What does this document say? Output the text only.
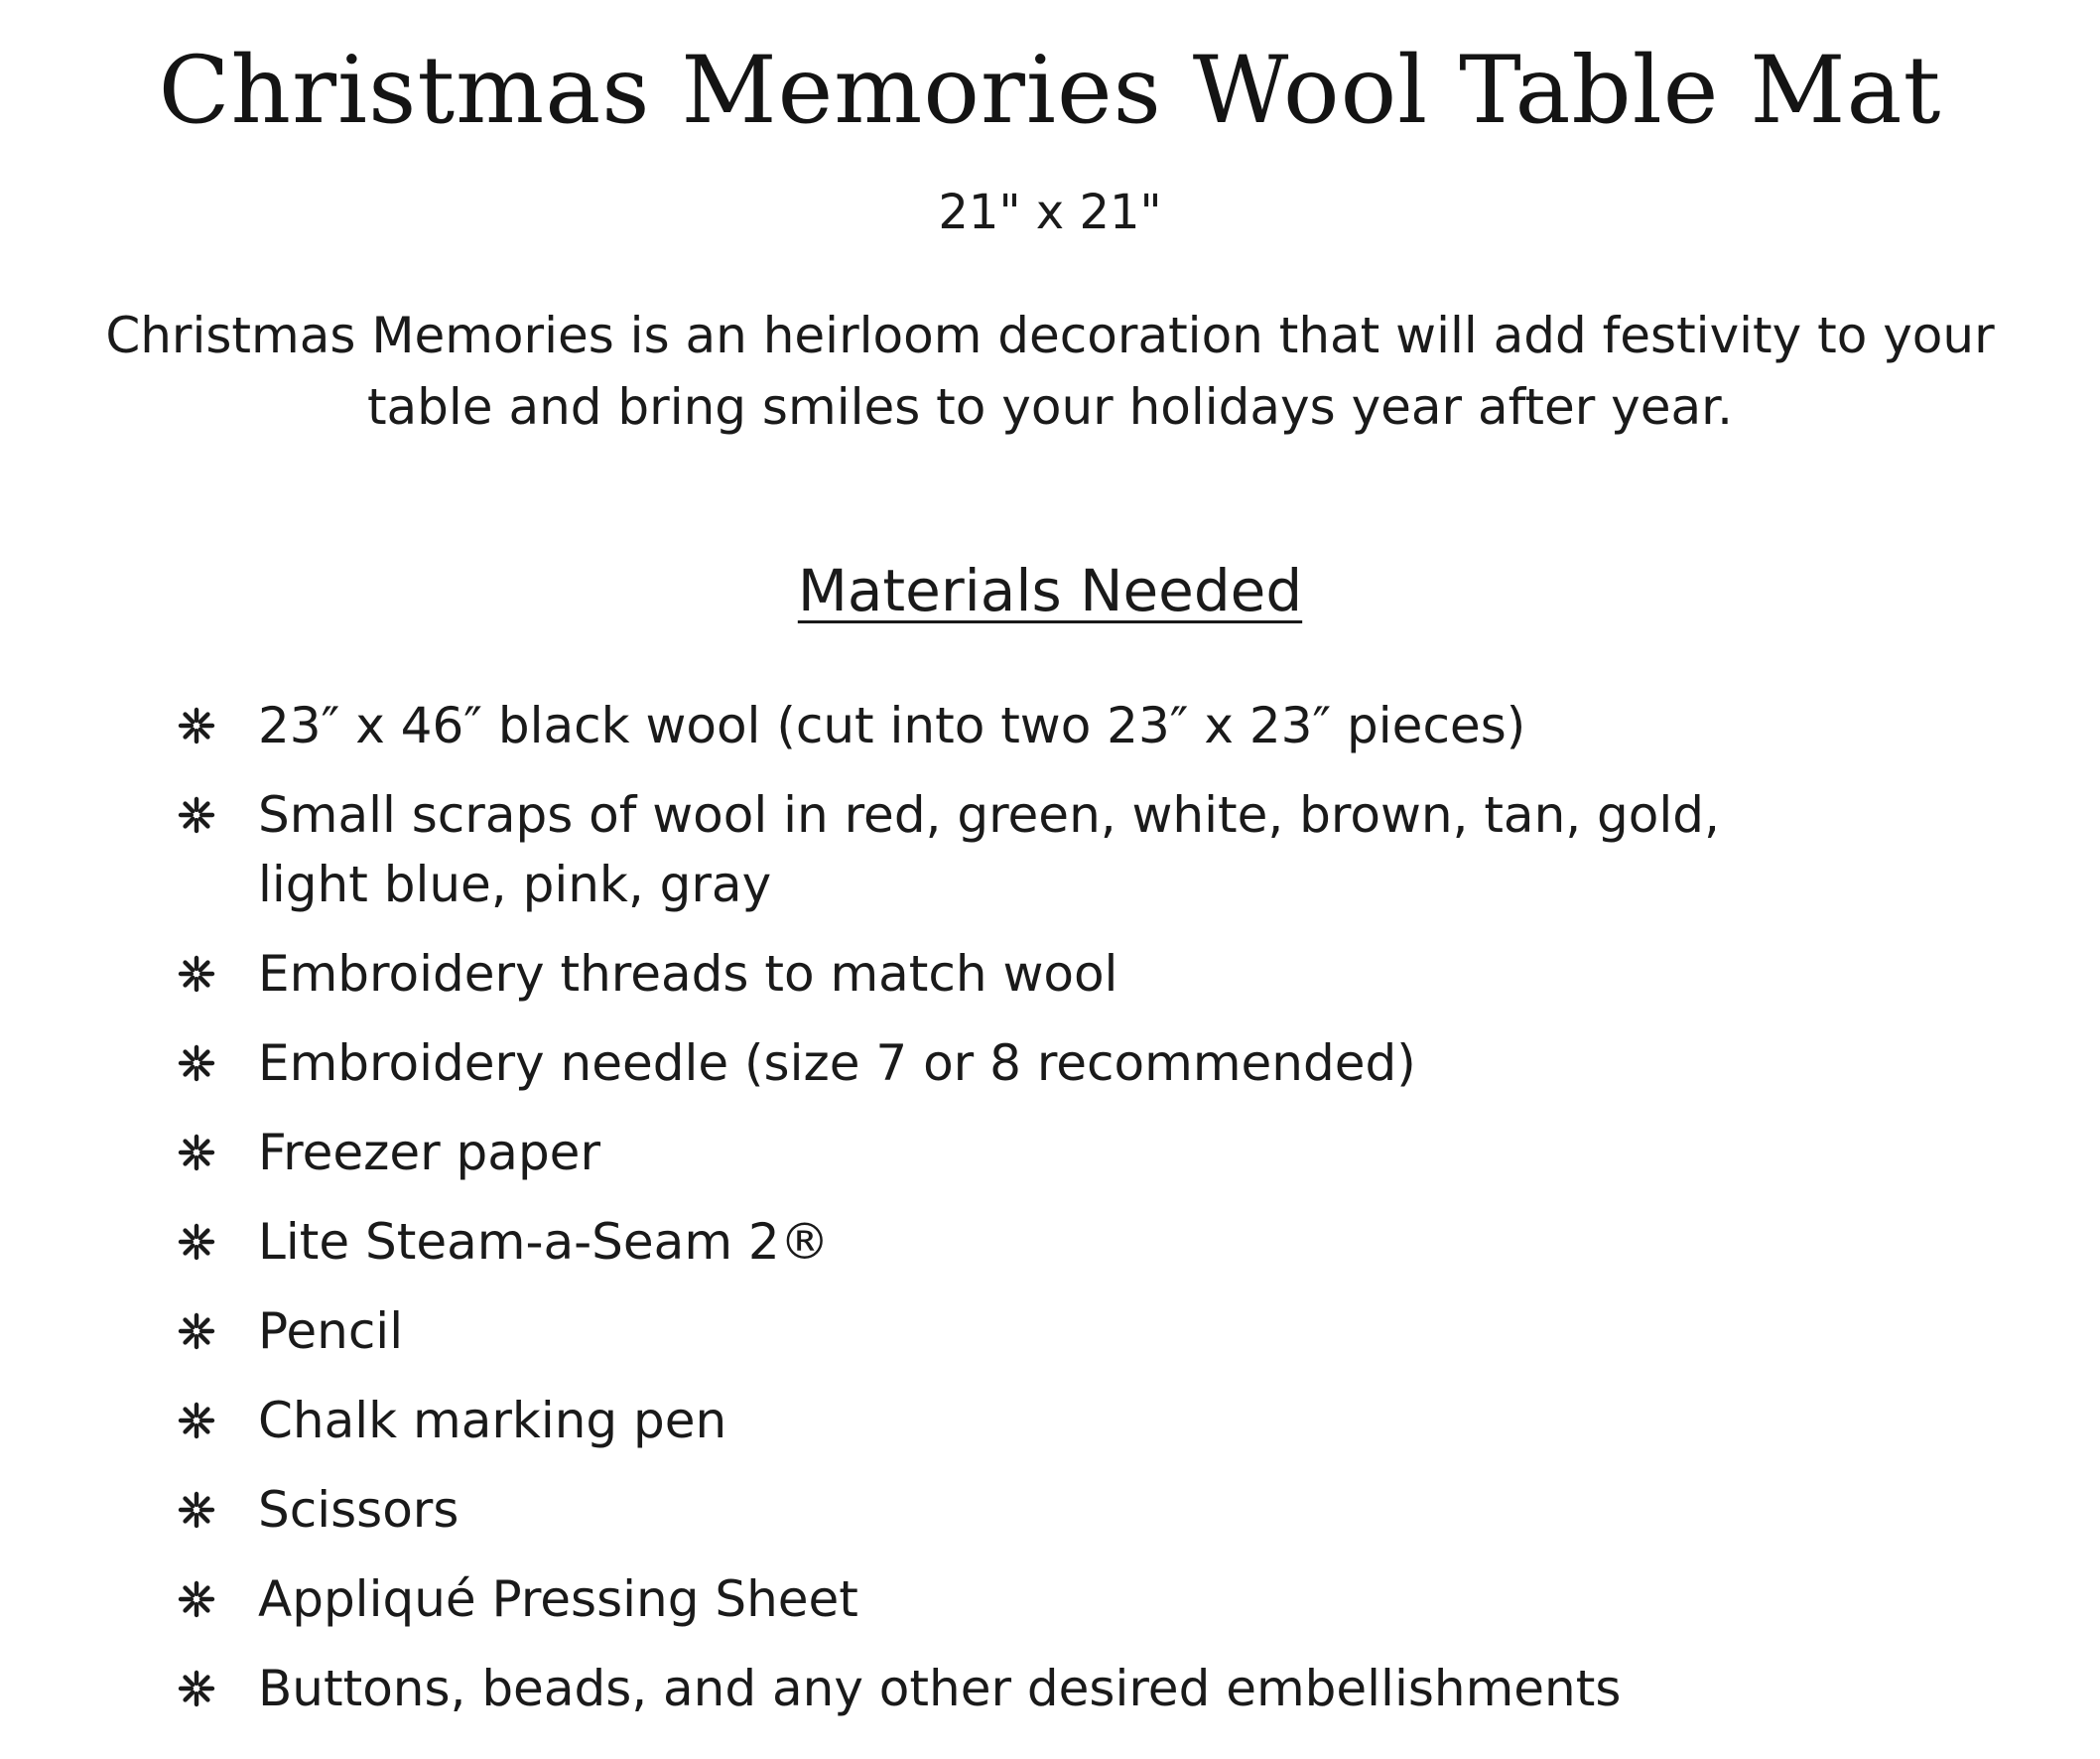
Christmas Memories Wool Table Mat
21" x 21"

Christmas Memories is an heirloom decoration that will add festivity to your table and bring smiles to your holidays year after year.

Materials Needed
23″ x 46″ black wool (cut into two 23″ x 23″ pieces)
Small scraps of wool in red, green, white, brown, tan, gold,
light blue, pink, gray
Embroidery threads to match wool
Embroidery needle (size 7 or 8 recommended)
Freezer paper
Lite Steam-a-Seam 2®
Pencil
Chalk marking pen
Scissors
Appliqué Pressing Sheet
Buttons, beads, and any other desired embellishments
